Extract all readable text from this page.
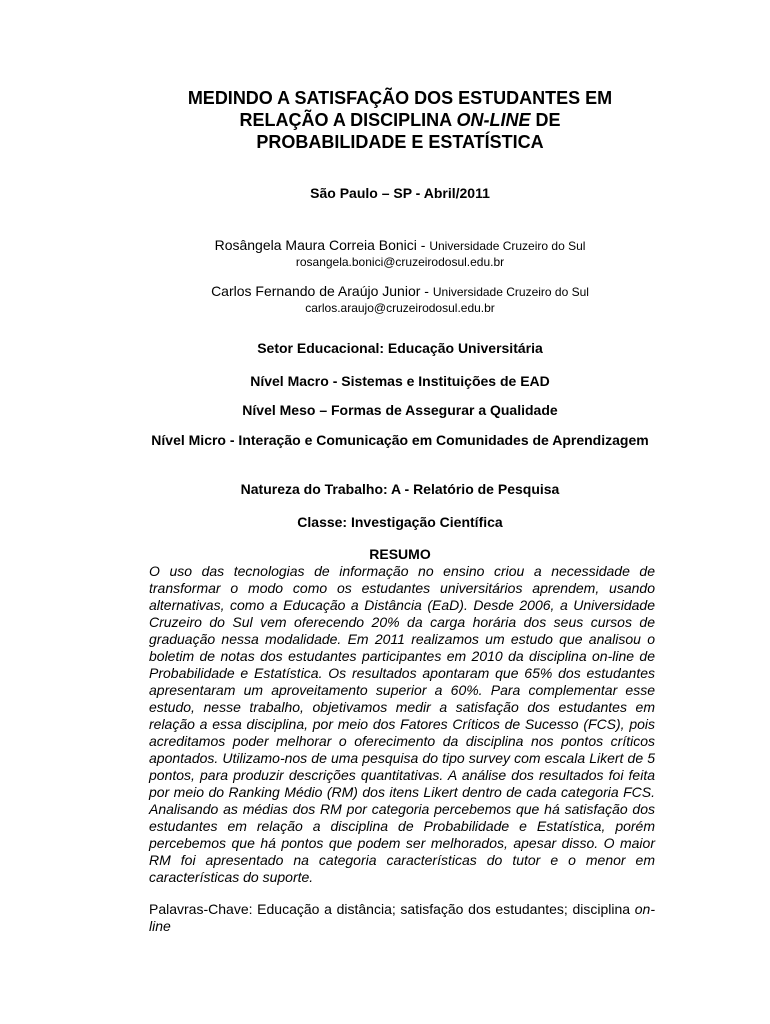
MEDINDO A SATISFAÇÃO DOS ESTUDANTES EM
RELAÇÃO A DISCIPLINA ON-LINE DE
PROBABILIDADE E ESTATÍSTICA
São Paulo – SP - Abril/2011
Rosângela Maura Correia Bonici - Universidade Cruzeiro do Sul
rosangela.bonici@cruzeirodosul.edu.br
Carlos Fernando de Araújo Junior - Universidade Cruzeiro do Sul
carlos.araujo@cruzeirodosul.edu.br
Setor Educacional: Educação Universitária
Nível Macro - Sistemas e Instituições de EAD
Nível Meso – Formas de Assegurar a Qualidade
Nível Micro - Interação e Comunicação em Comunidades de Aprendizagem
Natureza do Trabalho: A - Relatório de Pesquisa
Classe: Investigação Científica
RESUMO
O uso das tecnologias de informação no ensino criou a necessidade de transformar o modo como os estudantes universitários aprendem, usando alternativas, como a Educação a Distância (EaD). Desde 2006, a Universidade Cruzeiro do Sul vem oferecendo 20% da carga horária dos seus cursos de graduação nessa modalidade. Em 2011 realizamos um estudo que analisou o boletim de notas dos estudantes participantes em 2010 da disciplina on-line de Probabilidade e Estatística. Os resultados apontaram que 65% dos estudantes apresentaram um aproveitamento superior a 60%. Para complementar esse estudo, nesse trabalho, objetivamos medir a satisfação dos estudantes em relação a essa disciplina, por meio dos Fatores Críticos de Sucesso (FCS), pois acreditamos poder melhorar o oferecimento da disciplina nos pontos críticos apontados. Utilizamo-nos de uma pesquisa do tipo survey com escala Likert de 5 pontos, para produzir descrições quantitativas. A análise dos resultados foi feita por meio do Ranking Médio (RM) dos itens Likert dentro de cada categoria FCS. Analisando as médias dos RM por categoria percebemos que há satisfação dos estudantes em relação a disciplina de Probabilidade e Estatística, porém percebemos que há pontos que podem ser melhorados, apesar disso. O maior RM foi apresentado na categoria características do tutor e o menor em características do suporte.
Palavras-Chave: Educação a distância; satisfação dos estudantes; disciplina on-line
